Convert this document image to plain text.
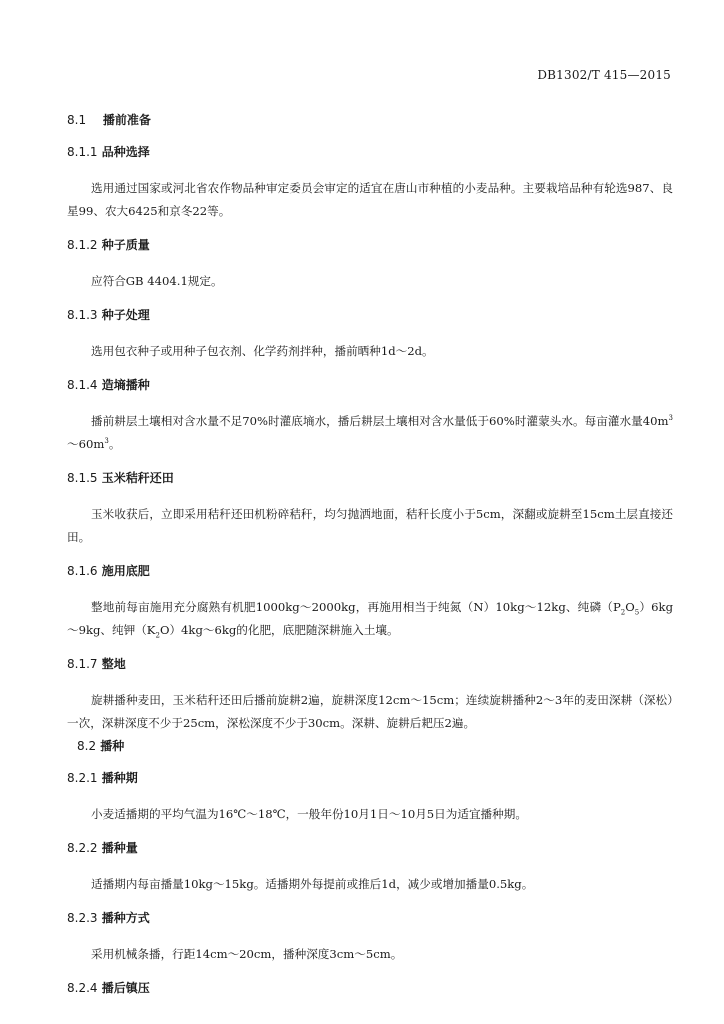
DB1302/T 415—2015
8.1 播前准备
8.1.1 品种选择

选用通过国家或河北省农作物品种审定委员会审定的适宜在唐山市种植的小麦品种。主要栽培品种有轮选987、良星99、农大6425和京冬22等。

8.1.2 种子质量

应符合GB 4404.1规定。

8.1.3 种子处理

选用包衣种子或用种子包衣剂、化学药剂拌种，播前晒种1d～2d。

8.1.4 造墒播种

播前耕层土壤相对含水量不足70%时灌底墒水，播后耕层土壤相对含水量低于60%时灌蒙头水。每亩灌水量$40m^3\sim 60m^3$。

8.1.5 玉米秸秆还田

玉米收获后，立即采用秸秆还田机粉碎秸秆，均匀抛洒地面，秸秆长度小于5cm，深翻或旋耕至15cm土层直接还田。

8.1.6 施用底肥

整地前每亩施用充分腐熟有机肥1000kg～2000kg，再施用相当于纯氮（N）10kg～12kg、纯磷$(P_2O_5)6kg\sim 9kg$、纯钾$(K_2O)4kg\sim 6kg$的化肥，底肥随深耕施入土壤。

8.1.7 整地

旋耕播种麦田，玉米秸秆还田后播前旋耕2遍，旋耕深度12cm～15cm；连续旋耕播种2～3年的麦田深耕（深松）一次，深耕深度不少于25cm，深松深度不少于30cm。深耕、旋耕后耙压2遍。

8.2 播种
8.2.1 播种期

小麦适播期的平均气温为16℃～18℃，一般年份10月1日～10月5日为适宜播种期。

8.2.2 播种量

适播期内每亩播量10kg～15kg。适播期外每提前或推后1d，减少或增加播量0.5kg。

8.2.3 播种方式

采用机械条播，行距14cm～20cm，播种深度3cm～5cm。

8.2.4 播后镇压
